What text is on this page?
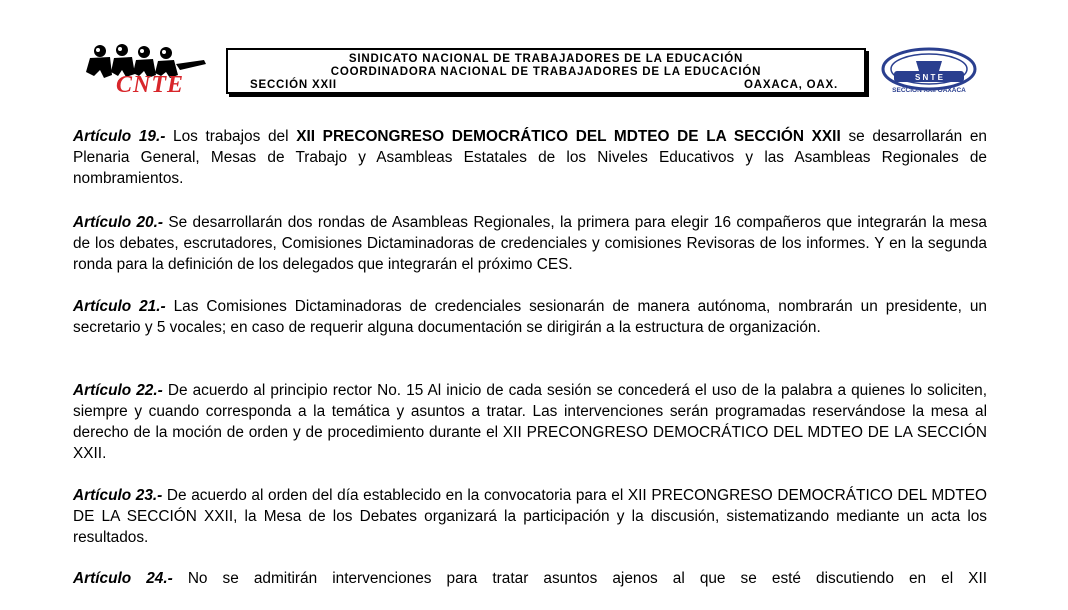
CNTE
SINDICATO NACIONAL DE TRABAJADORES DE LA EDUCACIÓN
COORDINADORA NACIONAL DE TRABAJADORES DE LA EDUCACIÓN
SECCIÓN XXII	OAXACA, OAX.
S N T E
SECCION XXII OAXACA

Artículo 19.- Los trabajos del XII PRECONGRESO DEMOCRÁTICO DEL MDTEO DE LA SECCIÓN XXII se desarrollarán en Plenaria General, Mesas de Trabajo y Asambleas Estatales de los Niveles Educativos y las Asambleas Regionales de nombramientos.

Artículo 20.- Se desarrollarán dos rondas de Asambleas Regionales, la primera para elegir 16 compañeros que integrarán la mesa de los debates, escrutadores, Comisiones Dictaminadoras de credenciales y comisiones Revisoras de los informes. Y en la segunda ronda para la definición de los delegados que integrarán el próximo CES.

Artículo 21.- Las Comisiones Dictaminadoras de credenciales sesionarán de manera autónoma, nombrarán un presidente, un secretario y 5 vocales; en caso de requerir alguna documentación se dirigirán a la estructura de organización.

Artículo 22.- De acuerdo al principio rector No. 15 Al inicio de cada sesión se concederá el uso de la palabra a quienes lo soliciten, siempre y cuando corresponda a la temática y asuntos a tratar. Las intervenciones serán programadas reservándose la mesa al derecho de la moción de orden y de procedimiento durante el XII PRECONGRESO DEMOCRÁTICO DEL MDTEO DE LA SECCIÓN XXII.

Artículo 23.- De acuerdo al orden del día establecido en la convocatoria para el XII PRECONGRESO DEMOCRÁTICO DEL MDTEO DE LA SECCIÓN XXII, la Mesa de los Debates organizará la participación y la discusión, sistematizando mediante un acta los resultados.

Artículo 24.- No se admitirán intervenciones para tratar asuntos ajenos al que se esté discutiendo en el XII
